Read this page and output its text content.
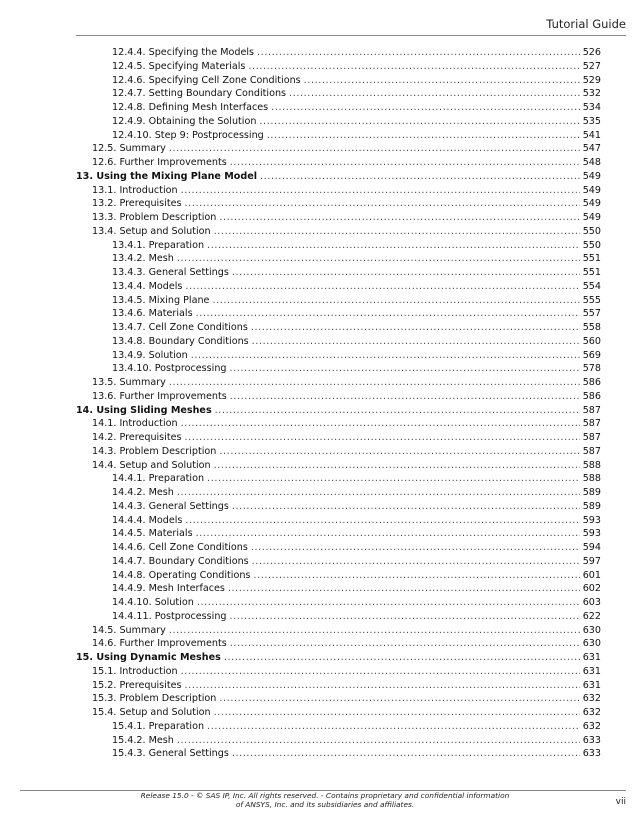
Tutorial Guide
12.4.4. Specifying the Models .....	526
12.4.5. Specifying Materials .....	527
12.4.6. Specifying Cell Zone Conditions .....	529
12.4.7. Setting Boundary Conditions .....	532
12.4.8. Defining Mesh Interfaces .....	534
12.4.9. Obtaining the Solution .....	535
12.4.10. Step 9: Postprocessing .....	541
12.5. Summary .....	547
12.6. Further Improvements .....	548
13. Using the Mixing Plane Model .....	549
13.1. Introduction .....	549
13.2. Prerequisites .....	549
13.3. Problem Description .....	549
13.4. Setup and Solution .....	550
13.4.1. Preparation .....	550
13.4.2. Mesh .....	551
13.4.3. General Settings .....	551
13.4.4. Models .....	554
13.4.5. Mixing Plane .....	555
13.4.6. Materials .....	557
13.4.7. Cell Zone Conditions .....	558
13.4.8. Boundary Conditions .....	560
13.4.9. Solution .....	569
13.4.10. Postprocessing .....	578
13.5. Summary .....	586
13.6. Further Improvements .....	586
14. Using Sliding Meshes .....	587
14.1. Introduction .....	587
14.2. Prerequisites .....	587
14.3. Problem Description .....	587
14.4. Setup and Solution .....	588
14.4.1. Preparation .....	588
14.4.2. Mesh .....	589
14.4.3. General Settings .....	589
14.4.4. Models .....	593
14.4.5. Materials .....	593
14.4.6. Cell Zone Conditions .....	594
14.4.7. Boundary Conditions .....	597
14.4.8. Operating Conditions .....	601
14.4.9. Mesh Interfaces .....	602
14.4.10. Solution .....	603
14.4.11. Postprocessing .....	622
14.5. Summary .....	630
14.6. Further Improvements .....	630
15. Using Dynamic Meshes .....	631
15.1. Introduction .....	631
15.2. Prerequisites .....	631
15.3. Problem Description .....	632
15.4. Setup and Solution .....	632
15.4.1. Preparation .....	632
15.4.2. Mesh .....	633
15.4.3. General Settings .....	633
Release 15.0 - © SAS IP, Inc. All rights reserved. - Contains proprietary and confidential information
of ANSYS, Inc. and its subsidiaries and affiliates.	vii
